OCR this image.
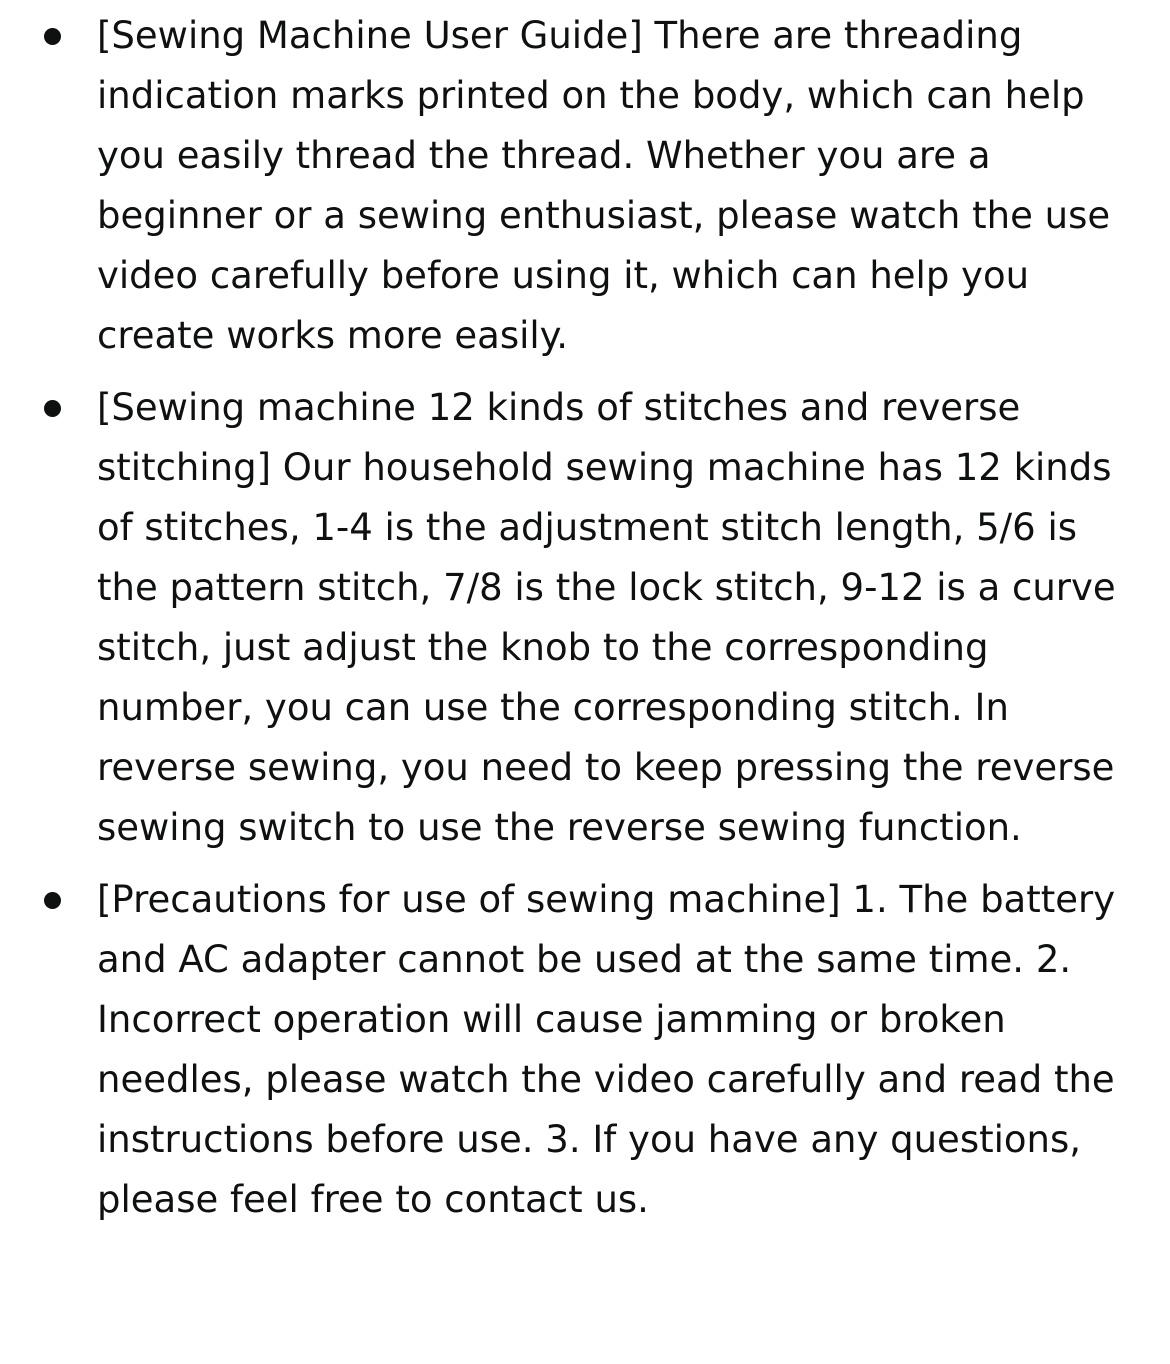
[Sewing Machine User Guide] There are threading indication marks printed on the body, which can help you easily thread the thread. Whether you are a beginner or a sewing enthusiast, please watch the use video carefully before using it, which can help you create works more easily.
[Sewing machine 12 kinds of stitches and reverse stitching] Our household sewing machine has 12 kinds of stitches, 1-4 is the adjustment stitch length, 5/6 is the pattern stitch, 7/8 is the lock stitch, 9-12 is a curve stitch, just adjust the knob to the corresponding number, you can use the corresponding stitch. In reverse sewing, you need to keep pressing the reverse sewing switch to use the reverse sewing function.
[Precautions for use of sewing machine] 1. The battery and AC adapter cannot be used at the same time. 2. Incorrect operation will cause jamming or broken needles, please watch the video carefully and read the instructions before use. 3. If you have any questions, please feel free to contact us.
